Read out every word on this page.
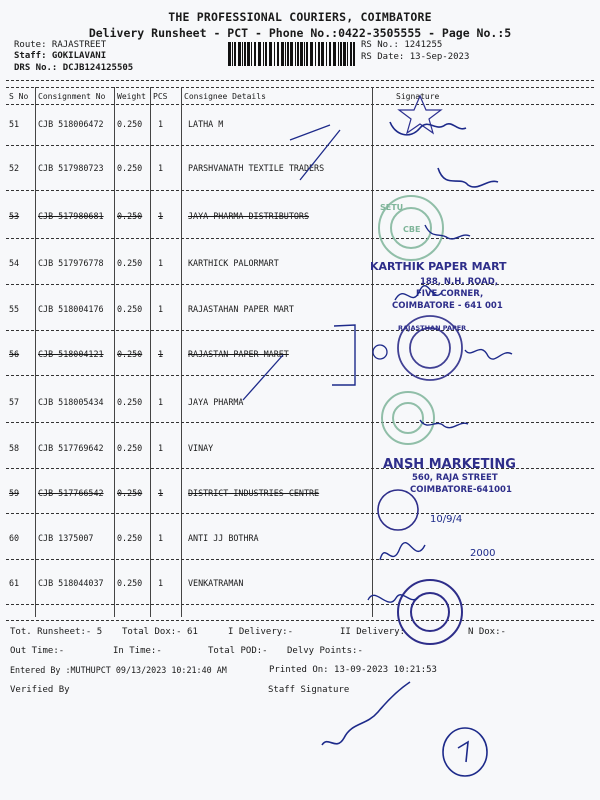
THE PROFESSIONAL COURIERS, COIMBATORE
Delivery Runsheet - PCT - Phone No.:0422-3505555 - Page No.:5
Route: RAJASTREET
Staff: GOKILAVANI
DRS No.: DCJB124125505
RS No.: 1241255
RS Date: 13-Sep-2023
S No Consignment No Weight PCS Consignee Details	Signature
51 CJB 518006472 0.250 1	LATHA M
52 CJB 517980723 0.250 1	PARSHVANATH TEXTILE TRADERS
53 CJB 517980681 0.250 1	JAYA PHARMA DISTRIBUTORS
54 CJB 517976778 0.250 1	KARTHICK PALORMART
55 CJB 518004176 0.250 1	RAJASTAHAN PAPER MART
56 CJB 518004121 0.250 1	RAJASTAN PAPER MARET
57 CJB 518005434 0.250 1	JAYA PHARMA
58 CJB 517769642 0.250 1	VINAY
59 CJB 517766542 0.250 1	DISTRICT INDUSTRIES CENTRE
60 CJB 1375007	0.250 1	ANTI JJ BOTHRA
61 CJB 518044037 0.250 1	VENKATRAMAN
Tot. Runsheet:- 5 Total Dox:- 61	I Delivery:-	II Delivery:	N Dox:-
Out Time:-	In Time:-	Total POD:- Delvy Points:-
Entered By :MUTHUPCT 09/13/2023 10:21:40 AM	Printed On: 13-09-2023 10:21:53
Verified By	Staff Signature
CBE
SETU
KARTHIK PAPER MART
188, N.H. ROAD,
FIVE CORNER,
COIMBATORE - 641 001
RAJASTHAN PAPER
ANSH MARKETING
560, RAJA STREET
COIMBATORE-641001
10/9/4
2000
